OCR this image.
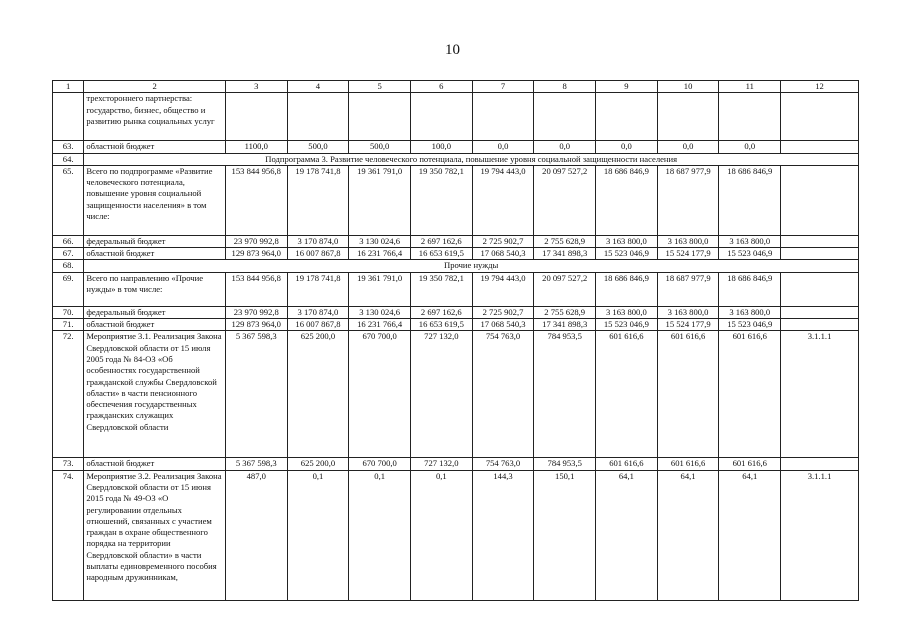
10
1	2	3	4	5	6	7	8	9	10	11	12
	трехстороннего партнерства: государство, бизнес, общество и развитию рынка социальных услуг										
63.	областной бюджет	1100,0	500,0	500,0	100,0	0,0	0,0	0,0	0,0	0,0	
64.	Подпрограмма 3. Развитие человеческого потенциала, повышение уровня социальной защищенности населения										
65.	Всего по подпрограмме «Развитие человеческого потенциала, повышение уровня социальной защищенности населения» в том числе:	153 844 956,8	19 178 741,8	19 361 791,0	19 350 782,1	19 794 443,0	20 097 527,2	18 686 846,9	18 687 977,9	18 686 846,9	
66.	федеральный бюджет	23 970 992,8	3 170 874,0	3 130 024,6	2 697 162,6	2 725 902,7	2 755 628,9	3 163 800,0	3 163 800,0	3 163 800,0	
67.	областной бюджет	129 873 964,0	16 007 867,8	16 231 766,4	16 653 619,5	17 068 540,3	17 341 898,3	15 523 046,9	15 524 177,9	15 523 046,9	
68.	Прочие нужды										
69.	Всего по направлению «Прочие нужды» в том числе:	153 844 956,8	19 178 741,8	19 361 791,0	19 350 782,1	19 794 443,0	20 097 527,2	18 686 846,9	18 687 977,9	18 686 846,9	
70.	федеральный бюджет	23 970 992,8	3 170 874,0	3 130 024,6	2 697 162,6	2 725 902,7	2 755 628,9	3 163 800,0	3 163 800,0	3 163 800,0	
71.	областной бюджет	129 873 964,0	16 007 867,8	16 231 766,4	16 653 619,5	17 068 540,3	17 341 898,3	15 523 046,9	15 524 177,9	15 523 046,9	
72.	Мероприятие 3.1. Реализация Закона Свердловской области от 15 июля 2005 года № 84-ОЗ «Об особенностях государственной гражданской службы Свердловской области» в части пенсионного обеспечения государственных гражданских служащих Свердловской области	5 367 598,3	625 200,0	670 700,0	727 132,0	754 763,0	784 953,5	601 616,6	601 616,6	601 616,6	3.1.1.1
73.	областной бюджет	5 367 598,3	625 200,0	670 700,0	727 132,0	754 763,0	784 953,5	601 616,6	601 616,6	601 616,6	
74.	Мероприятие 3.2. Реализация Закона Свердловской области от 15 июня 2015 года № 49-ОЗ «О регулировании отдельных отношений, связанных с участием граждан в охране общественного порядка на территории Свердловской области» в части выплаты единовременного пособия народным дружинникам,	487,0	0,1	0,1	0,1	144,3	150,1	64,1	64,1	64,1	3.1.1.1
